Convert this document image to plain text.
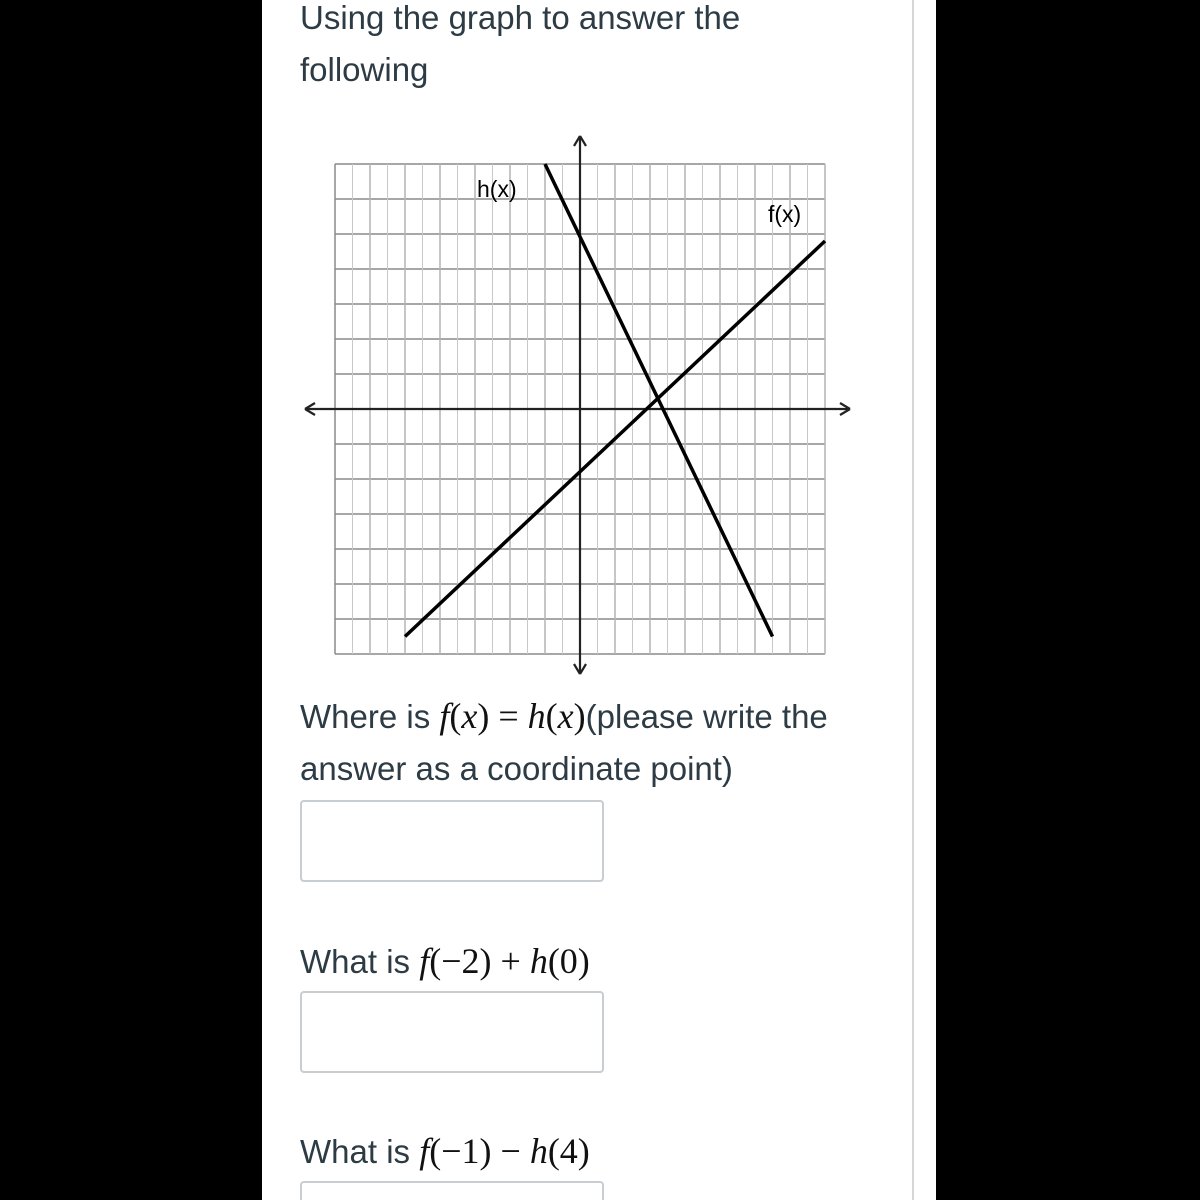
Using the graph to answer the following

h(x)
f(x)

Where is f(x) = h(x)(please write the answer as a coordinate point)

What is f(−2) + h(0)

What is f(−1) − h(4)
